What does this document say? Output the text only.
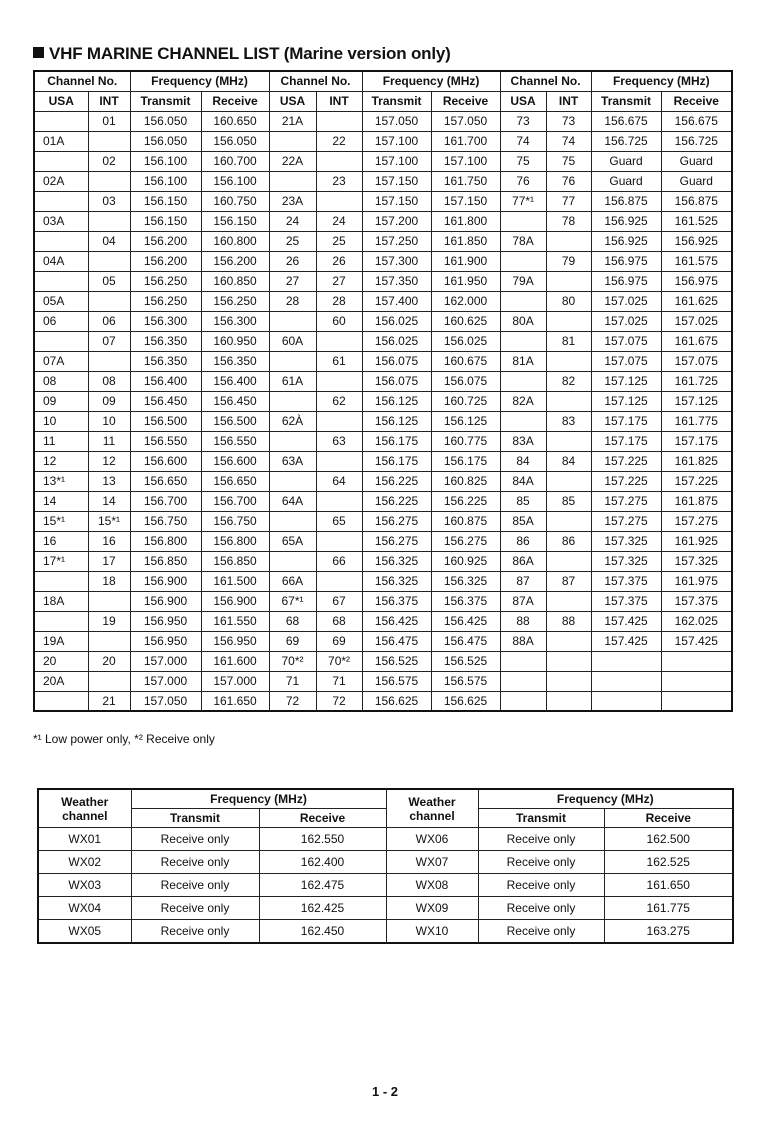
VHF MARINE CHANNEL LIST (Marine version only)
Channel No.		Frequency (MHz)		Channel No.		Frequency (MHz)		Channel No.		Frequency (MHz)	
USA	INT	Transmit	Receive	USA	INT	Transmit	Receive	USA	INT	Transmit	Receive
	01	156.050	160.650	21A		157.050	157.050	73	73	156.675	156.675
01A		156.050	156.050		22	157.100	161.700	74	74	156.725	156.725
	02	156.100	160.700	22A		157.100	157.100	75	75	Guard	Guard
02A		156.100	156.100		23	157.150	161.750	76	76	Guard	Guard
	03	156.150	160.750	23A		157.150	157.150	77*¹	77	156.875	156.875
03A		156.150	156.150	24	24	157.200	161.800		78	156.925	161.525
	04	156.200	160.800	25	25	157.250	161.850	78A		156.925	156.925
04A		156.200	156.200	26	26	157.300	161.900		79	156.975	161.575
	05	156.250	160.850	27	27	157.350	161.950	79A		156.975	156.975
05A		156.250	156.250	28	28	157.400	162.000		80	157.025	161.625
06	06	156.300	156.300		60	156.025	160.625	80A		157.025	157.025
	07	156.350	160.950	60A		156.025	156.025		81	157.075	161.675
07A		156.350	156.350		61	156.075	160.675	81A		157.075	157.075
08	08	156.400	156.400	61A		156.075	156.075		82	157.125	161.725
09	09	156.450	156.450		62	156.125	160.725	82A		157.125	157.125
10	10	156.500	156.500	62À		156.125	156.125		83	157.175	161.775
11	11	156.550	156.550		63	156.175	160.775	83A		157.175	157.175
12	12	156.600	156.600	63A		156.175	156.175	84	84	157.225	161.825
13*¹	13	156.650	156.650		64	156.225	160.825	84A		157.225	157.225
14	14	156.700	156.700	64A		156.225	156.225	85	85	157.275	161.875
15*¹	15*¹	156.750	156.750		65	156.275	160.875	85A		157.275	157.275
16	16	156.800	156.800	65A		156.275	156.275	86	86	157.325	161.925
17*¹	17	156.850	156.850		66	156.325	160.925	86A		157.325	157.325
	18	156.900	161.500	66A		156.325	156.325	87	87	157.375	161.975
18A		156.900	156.900	67*¹	67	156.375	156.375	87A		157.375	157.375
	19	156.950	161.550	68	68	156.425	156.425	88	88	157.425	162.025
19A		156.950	156.950	69	69	156.475	156.475	88A		157.425	157.425
20	20	157.000	161.600	70*²	70*²	156.525	156.525				
20A		157.000	157.000	71	71	156.575	156.575				
	21	157.050	161.650	72	72	156.625	156.625				
*¹ Low power only, *² Receive only
Weather channel	Frequency (MHz)		Weather channel	Frequency (MHz)	
	Transmit	Receive		Transmit	Receive
WX01	Receive only	162.550	WX06	Receive only	162.500
WX02	Receive only	162.400	WX07	Receive only	162.525
WX03	Receive only	162.475	WX08	Receive only	161.650
WX04	Receive only	162.425	WX09	Receive only	161.775
WX05	Receive only	162.450	WX10	Receive only	163.275
1 - 2
